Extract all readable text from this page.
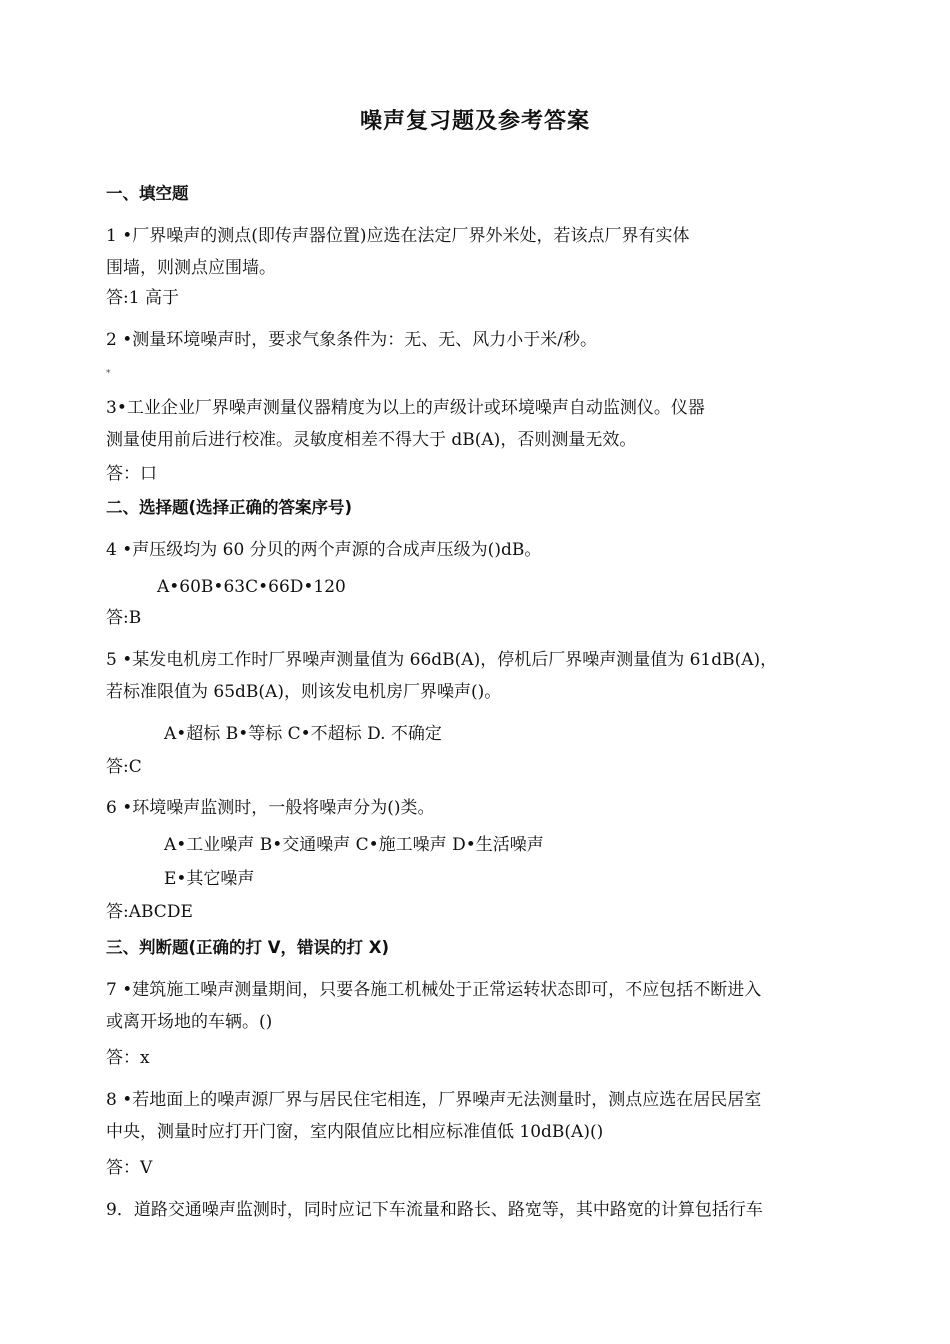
噪声复习题及参考答案

一、填空题

1 •厂界噪声的测点(即传声器位置)应选在法定厂界外米处，若该点厂界有实体

围墙，则测点应围墙。

答:1 高于

2 •测量环境噪声时，要求气象条件为：无、无、风力小于米/秒。

*

3•工业企业厂界噪声测量仪器精度为以上的声级计或环境噪声自动监测仪。仪器

测量使用前后进行校准。灵敏度相差不得大于 dB(A)，否则测量无效。

答：口

二、选择题(选择正确的答案序号)

4 •声压级均为 60 分贝的两个声源的合成声压级为()dB。

A•60B•63C•66D•120

答:B

5 •某发电机房工作时厂界噪声测量值为 66dB(A)，停机后厂界噪声测量值为 61dB(A)，

若标准限值为 65dB(A)，则该发电机房厂界噪声()。

A•超标 B•等标 C•不超标 D. 不确定

答:C

6 •环境噪声监测时，一般将噪声分为()类。

A•工业噪声 B•交通噪声 C•施工噪声 D•生活噪声

E•其它噪声

答:ABCDE

三、判断题(正确的打 V，错误的打 X)

7 •建筑施工噪声测量期间，只要各施工机械处于正常运转状态即可，不应包括不断进入

或离开场地的车辆。()

答：x

8 •若地面上的噪声源厂界与居民住宅相连，厂界噪声无法测量时，测点应选在居民居室

中央，测量时应打开门窗，室内限值应比相应标准值低 10dB(A)()

答：V

9．道路交通噪声监测时，同时应记下车流量和路长、路宽等，其中路宽的计算包括行车
